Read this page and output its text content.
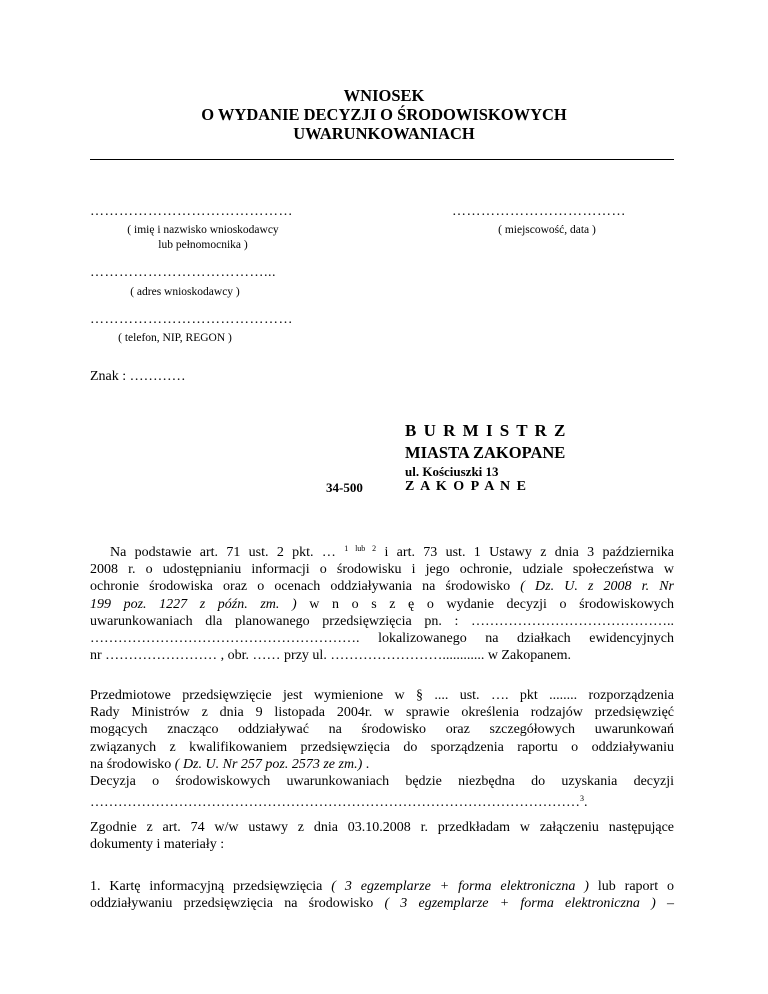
WNIOSEK
O WYDANIE DECYZJI O ŚRODOWISKOWYCH
UWARUNKOWANIACH
……………………………………
( imię i nazwisko wnioskodawcy
lub pełnomocnika )
………………………………
( miejscowość, data )
………………………………...
( adres wnioskodawcy )
……………………………………
( telefon, NIP, REGON )
Znak : …………
B U R M I S T R Z
MIASTA ZAKOPANE
ul. Kościuszki 13
34-500	Z A K O P A N E
Na podstawie art. 71 ust. 2 pkt. … $^{1 lub 2}$ i art. 73 ust. 1 Ustawy z dnia 3 października
2008 r. o udostępnianiu informacji o środowisku i jego ochronie, udziale społeczeństwa w
ochronie środowiska oraz o ocenach oddziaływania na środowisko ( Dz. U. z 2008 r. Nr
199 poz. 1227 z późn. zm. ) w n o s z ę o wydanie decyzji o środowiskowych
uwarunkowaniach dla planowanego przedsięwzięcia pn. : ……………………………………..
…………………………………………………. lokalizowanego na działkach ewidencyjnych
nr …………………… , obr. …… przy ul. ……………………............ w Zakopanem.
Przedmiotowe przedsięwzięcie jest wymienione w § .... ust. …. pkt ........ rozporządzenia
Rady Ministrów z dnia 9 listopada 2004r. w sprawie określenia rodzajów przedsięwzięć
mogących znacząco oddziaływać na środowisko oraz szczegółowych uwarunkowań
związanych z kwalifikowaniem przedsięwzięcia do sporządzenia raportu o oddziaływaniu
na środowisko ( Dz. U. Nr 257 poz. 2573 ze zm.) .
Decyzja o środowiskowych uwarunkowaniach będzie niezbędna do uzyskania decyzji
……………………………………………………………………………………………$^3$.
Zgodnie z art. 74 w/w ustawy z dnia 03.10.2008 r. przedkładam w załączeniu następujące
dokumenty i materiały :
1. Kartę informacyjną przedsięwzięcia ( 3 egzemplarze + forma elektroniczna ) lub raport o
oddziaływaniu przedsięwzięcia na środowisko ( 3 egzemplarze + forma elektroniczna ) –
